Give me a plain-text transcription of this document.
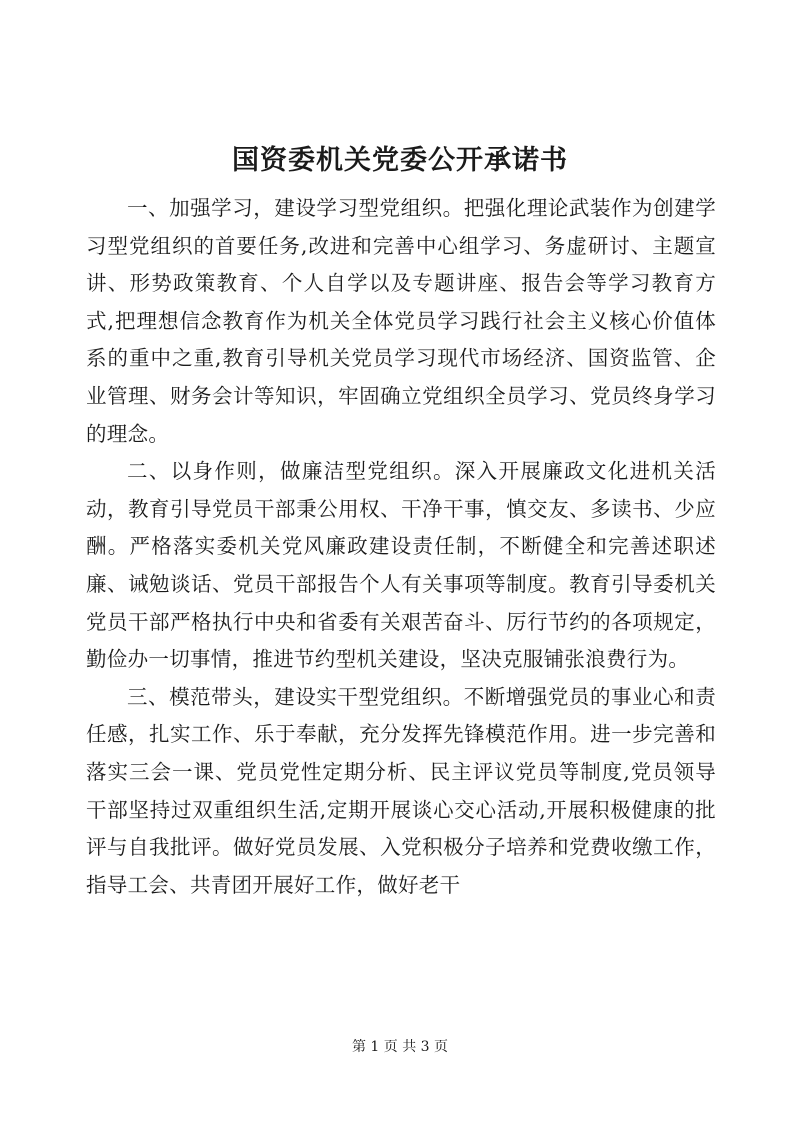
国资委机关党委公开承诺书

一、加强学习，建设学习型党组织。把强化理论武装作为创建学习型党组织的首要任务,改进和完善中心组学习、务虚研讨、主题宣讲、形势政策教育、个人自学以及专题讲座、报告会等学习教育方式,把理想信念教育作为机关全体党员学习践行社会主义核心价值体系的重中之重,教育引导机关党员学习现代市场经济、国资监管、企业管理、财务会计等知识，牢固确立党组织全员学习、党员终身学习的理念。

二、以身作则，做廉洁型党组织。深入开展廉政文化进机关活动，教育引导党员干部秉公用权、干净干事，慎交友、多读书、少应酬。严格落实委机关党风廉政建设责任制，不断健全和完善述职述廉、诫勉谈话、党员干部报告个人有关事项等制度。教育引导委机关党员干部严格执行中央和省委有关艰苦奋斗、厉行节约的各项规定，勤俭办一切事情，推进节约型机关建设，坚决克服铺张浪费行为。

三、模范带头，建设实干型党组织。不断增强党员的事业心和责任感，扎实工作、乐于奉献，充分发挥先锋模范作用。进一步完善和落实三会一课、党员党性定期分析、民主评议党员等制度,党员领导干部坚持过双重组织生活,定期开展谈心交心活动,开展积极健康的批评与自我批评。做好党员发展、入党积极分子培养和党费收缴工作，指导工会、共青团开展好工作，做好老干

第 1 页 共 3 页
